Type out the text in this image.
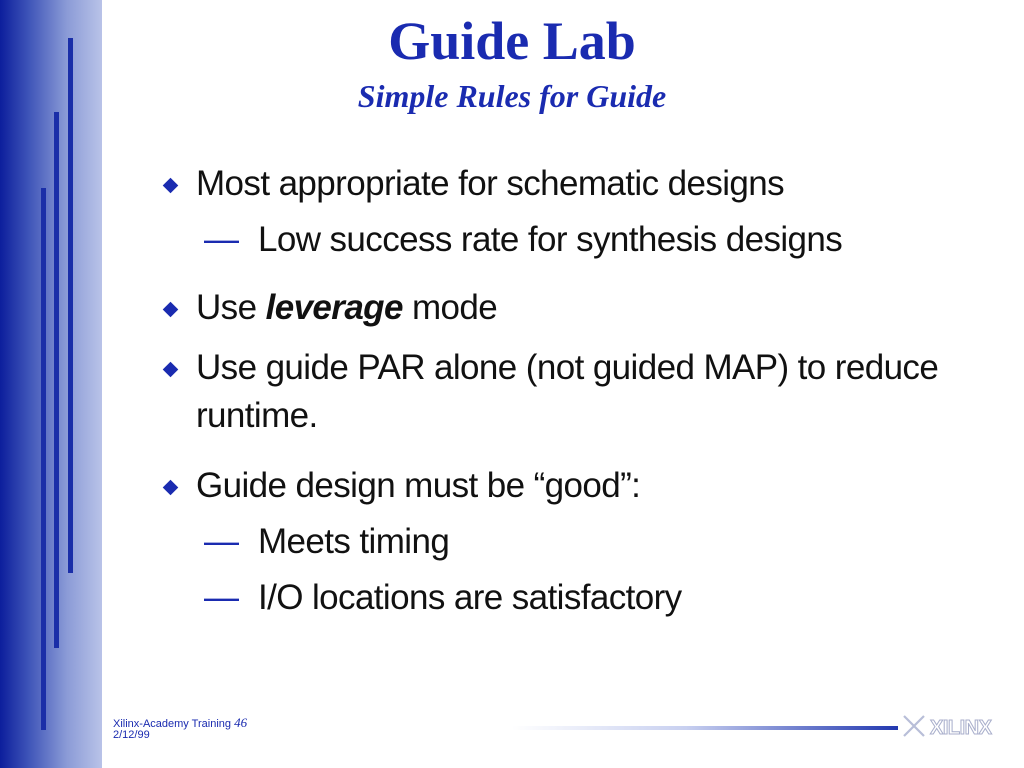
Guide Lab
Simple Rules for Guide
Most appropriate for schematic designs
— Low success rate for synthesis designs
Use leverage mode
Use guide PAR alone (not guided MAP) to reduce runtime.
Guide design must be “good”:
— Meets timing
— I/O locations are satisfactory
Xilinx-Academy Training 46
2/12/99	XILINX
